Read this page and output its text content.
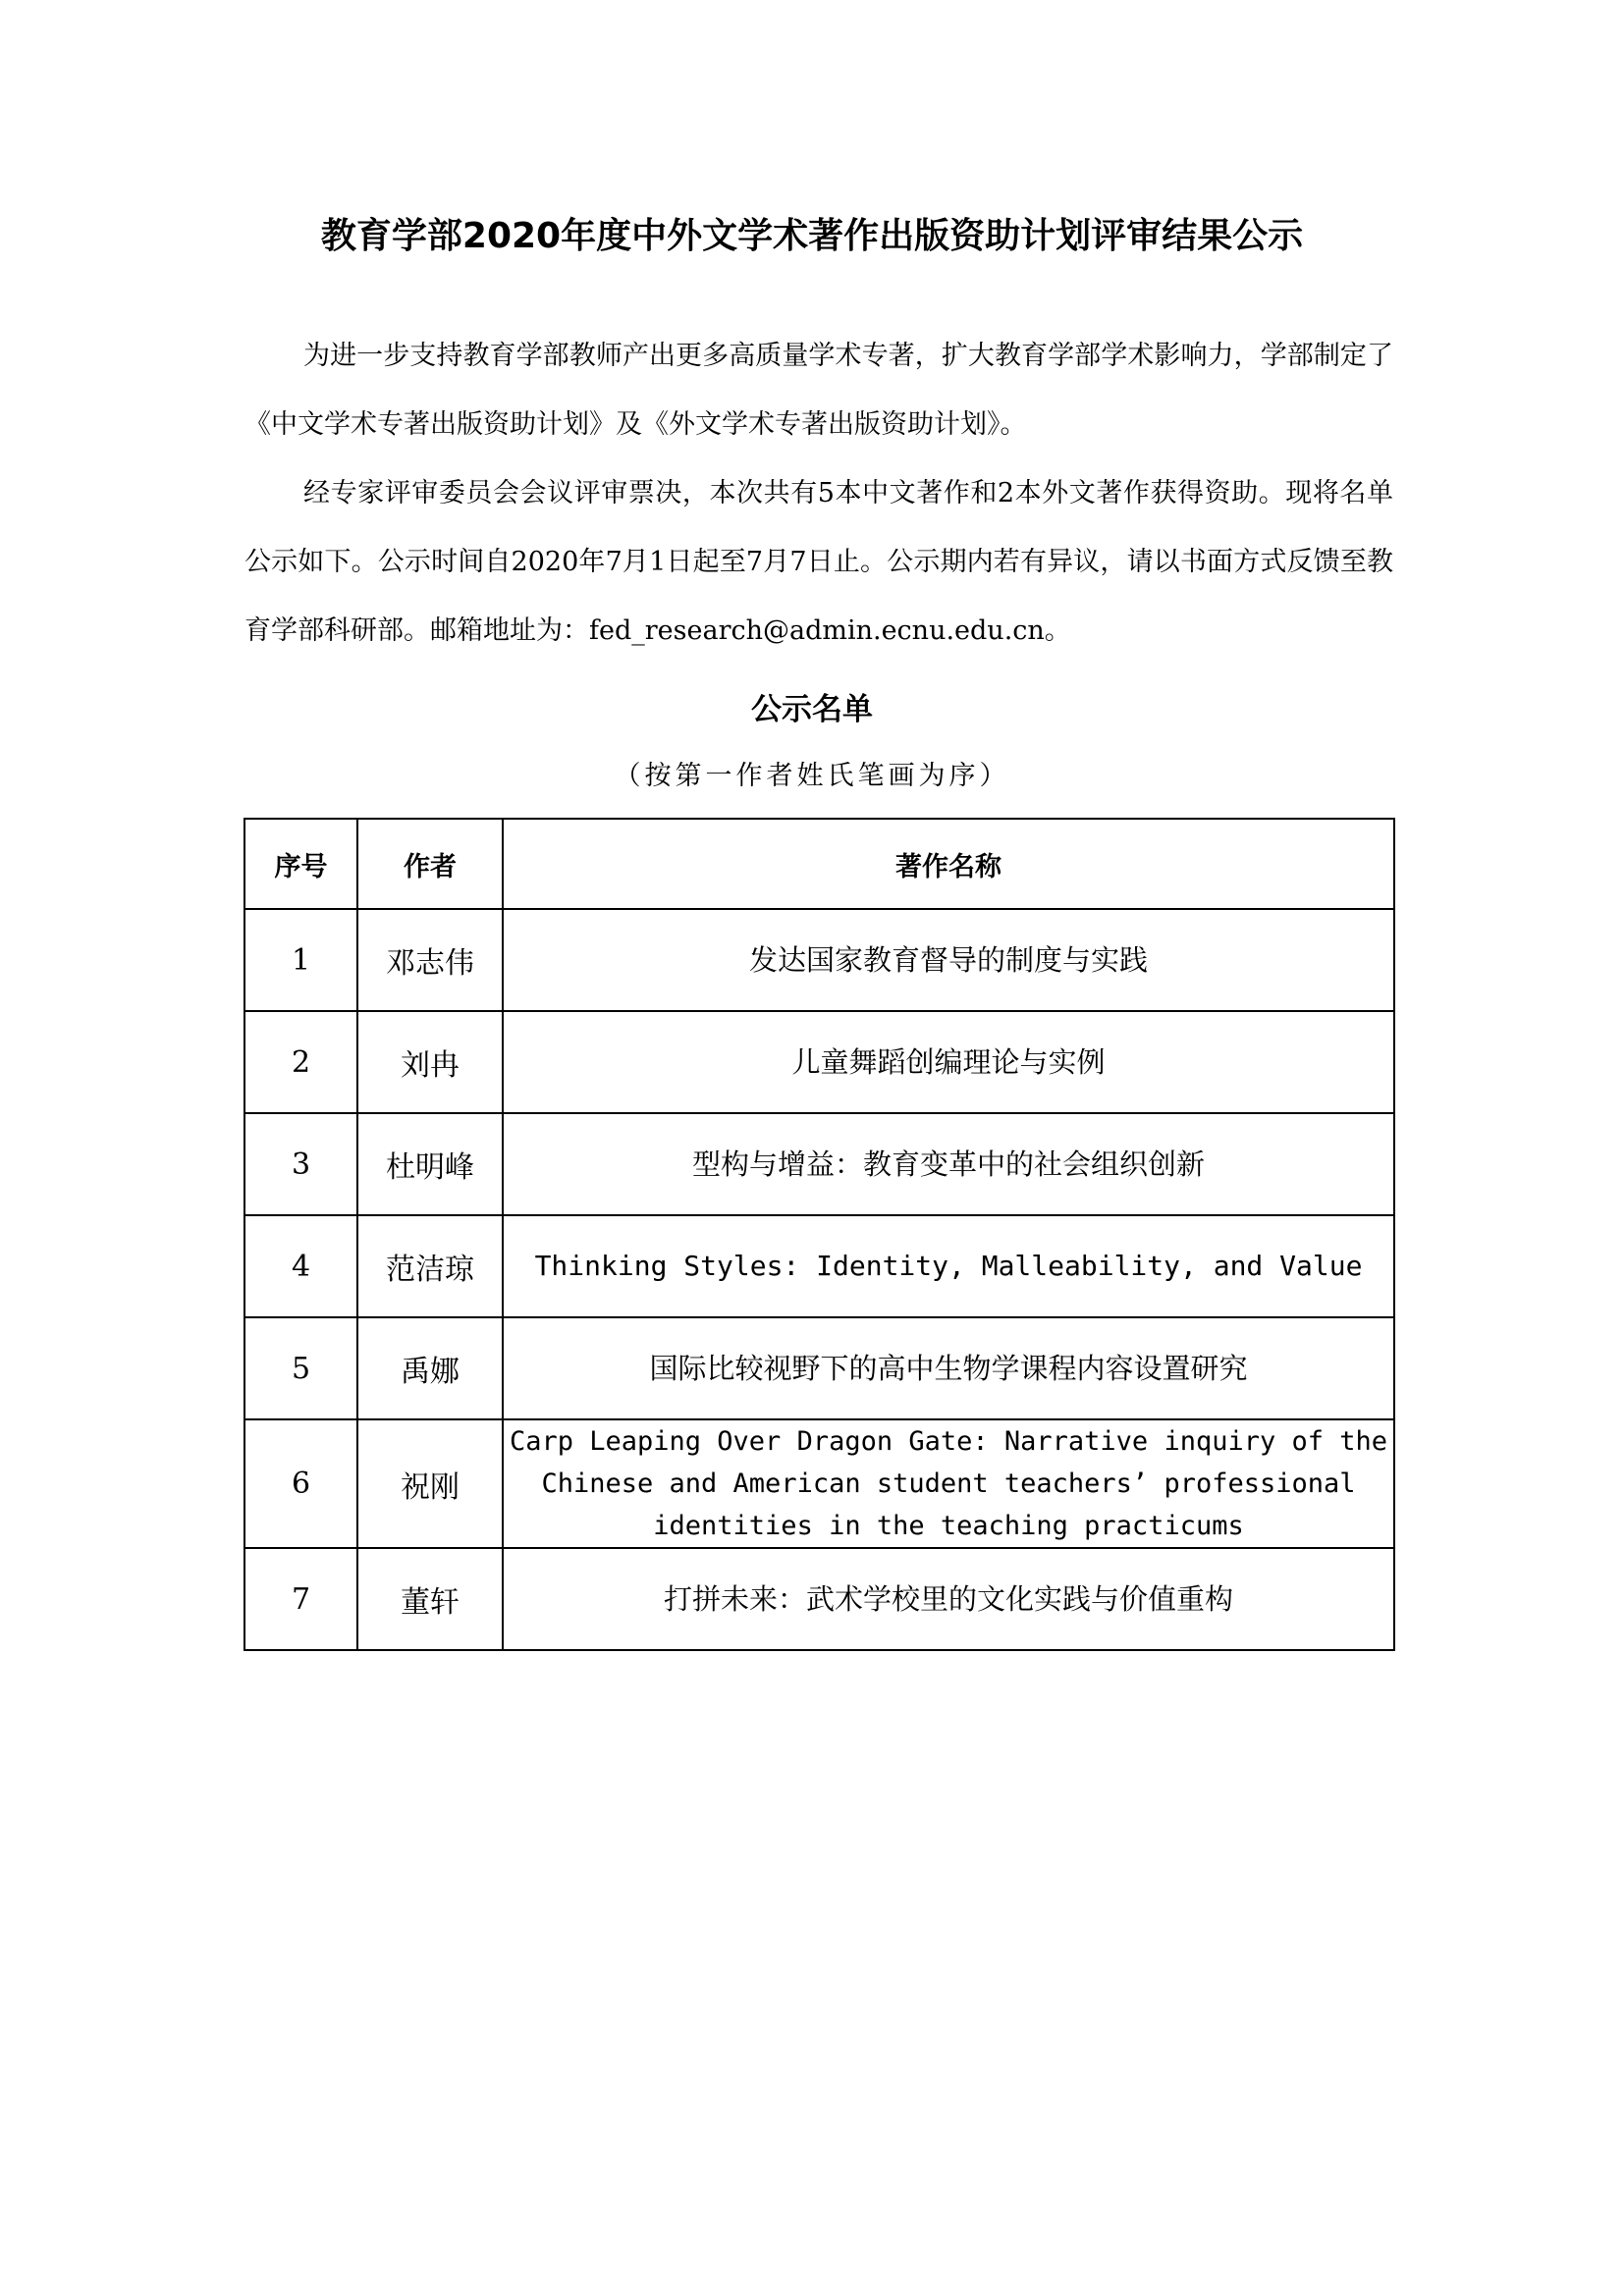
教育学部2020年度中外文学术著作出版资助计划评审结果公示

为进一步支持教育学部教师产出更多高质量学术专著，扩大教育学部学术影响力，学部制定了《中文学术专著出版资助计划》及《外文学术专著出版资助计划》。

经专家评审委员会会议评审票决，本次共有5本中文著作和2本外文著作获得资助。现将名单公示如下。公示时间自2020年7月1日起至7月7日止。公示期内若有异议，请以书面方式反馈至教育学部科研部。邮箱地址为：fed_research@admin.ecnu.edu.cn。

公示名单
（按第一作者姓氏笔画为序）
序号	作者	著作名称
1	邓志伟	发达国家教育督导的制度与实践
2	刘冉	儿童舞蹈创编理论与实例
3	杜明峰	型构与增益：教育变革中的社会组织创新
4	范洁琼	Thinking Styles: Identity, Malleability, and Value
5	禹娜	国际比较视野下的高中生物学课程内容设置研究
6	祝刚	Carp Leaping Over Dragon Gate: Narrative inquiry of the Chinese and American student teachers’ professional identities in the teaching practicums
7	董轩	打拼未来：武术学校里的文化实践与价值重构
